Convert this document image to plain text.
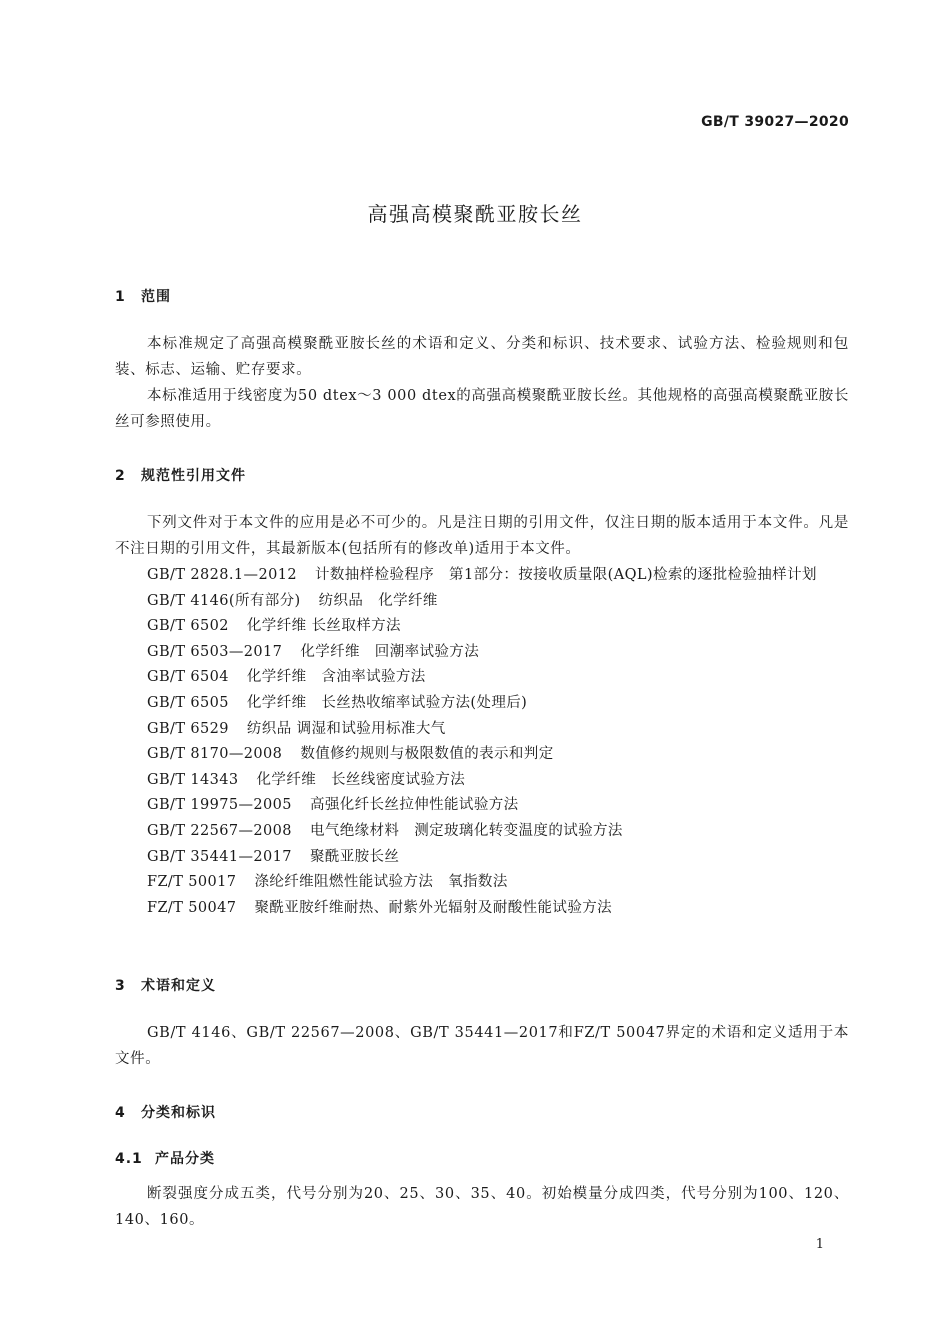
GB/T 39027—2020
高强高模聚酰亚胺长丝
1 范围

本标准规定了高强高模聚酰亚胺长丝的术语和定义、分类和标识、技术要求、试验方法、检验规则和包装、标志、运输、贮存要求。

本标准适用于线密度为50 dtex～3 000 dtex的高强高模聚酰亚胺长丝。其他规格的高强高模聚酰亚胺长丝可参照使用。

2 规范性引用文件

下列文件对于本文件的应用是必不可少的。凡是注日期的引用文件，仅注日期的版本适用于本文件。凡是不注日期的引用文件，其最新版本(包括所有的修改单)适用于本文件。

GB/T 2828.1—2012 计数抽样检验程序　第1部分：按接收质量限(AQL)检索的逐批检验抽样计划
GB/T 4146(所有部分) 纺织品　化学纤维
GB/T 6502 化学纤维 长丝取样方法
GB/T 6503—2017 化学纤维　回潮率试验方法
GB/T 6504 化学纤维　含油率试验方法
GB/T 6505 化学纤维　长丝热收缩率试验方法(处理后)
GB/T 6529 纺织品 调湿和试验用标准大气
GB/T 8170—2008 数值修约规则与极限数值的表示和判定
GB/T 14343 化学纤维　长丝线密度试验方法
GB/T 19975—2005 高强化纤长丝拉伸性能试验方法
GB/T 22567—2008 电气绝缘材料　测定玻璃化转变温度的试验方法
GB/T 35441—2017 聚酰亚胺长丝
FZ/T 50017 涤纶纤维阻燃性能试验方法　氧指数法
FZ/T 50047 聚酰亚胺纤维耐热、耐紫外光辐射及耐酸性能试验方法
3 术语和定义

GB/T 4146、GB/T 22567—2008、GB/T 35441—2017和FZ/T 50047界定的术语和定义适用于本文件。

4 分类和标识
4.1 产品分类

断裂强度分成五类，代号分别为20、25、30、35、40。初始模量分成四类，代号分别为100、120、140、160。

1
